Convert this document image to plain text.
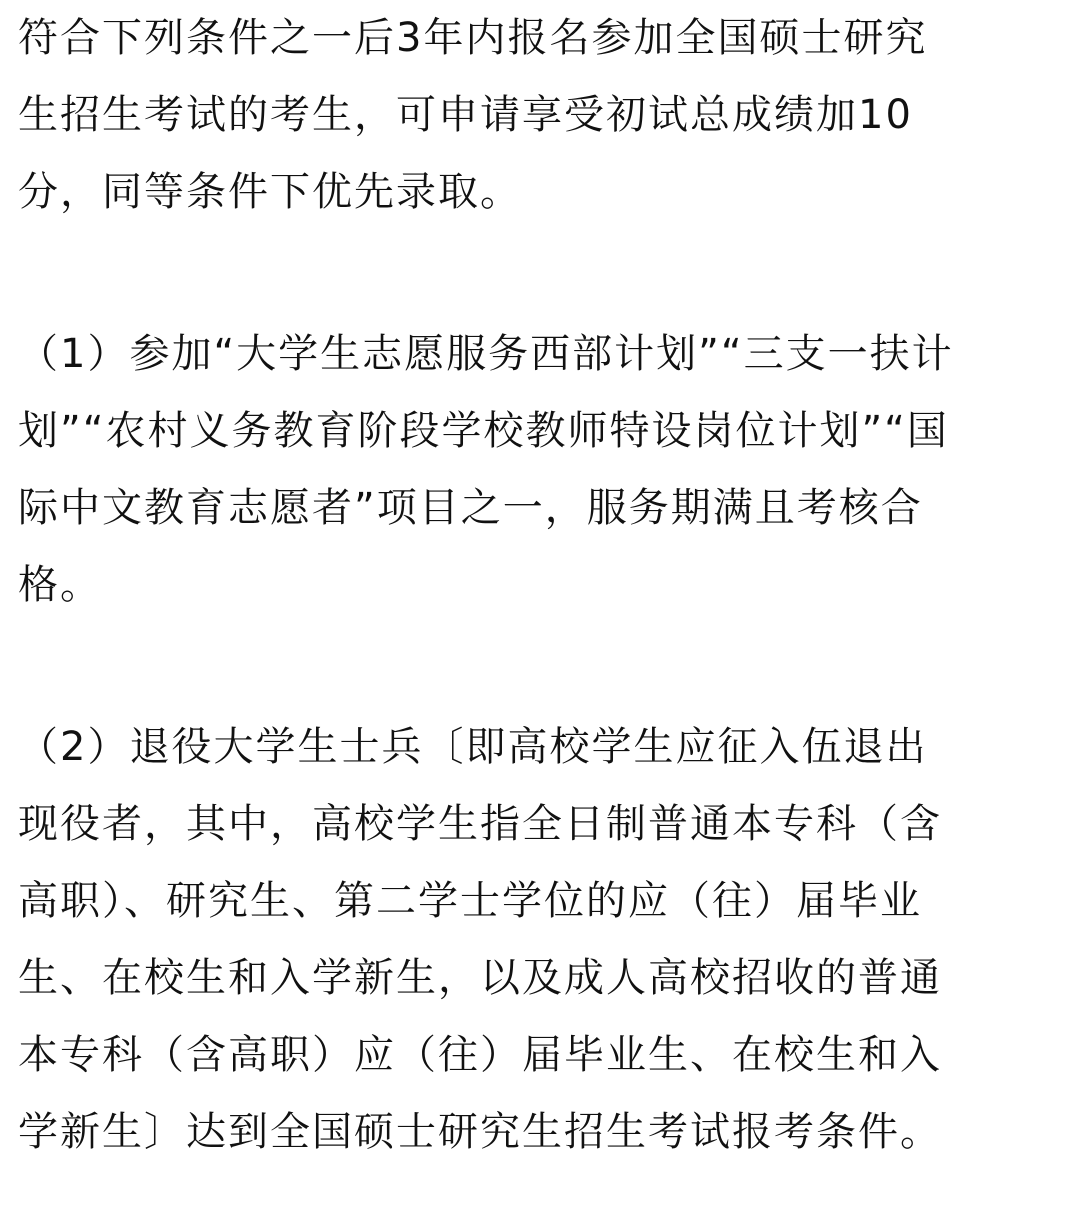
符合下列条件之一后3年内报名参加全国硕士研究
生招生考试的考生，可申请享受初试总成绩加10
分，同等条件下优先录取。
（1）参加“大学生志愿服务西部计划”“三支一扶计
划”“农村义务教育阶段学校教师特设岗位计划”“国
际中文教育志愿者”项目之一，服务期满且考核合
格。
（2）退役大学生士兵〔即高校学生应征入伍退出
现役者，其中，高校学生指全日制普通本专科（含
高职）、研究生、第二学士学位的应（往）届毕业
生、在校生和入学新生，以及成人高校招收的普通
本专科（含高职）应（往）届毕业生、在校生和入
学新生〕达到全国硕士研究生招生考试报考条件。
